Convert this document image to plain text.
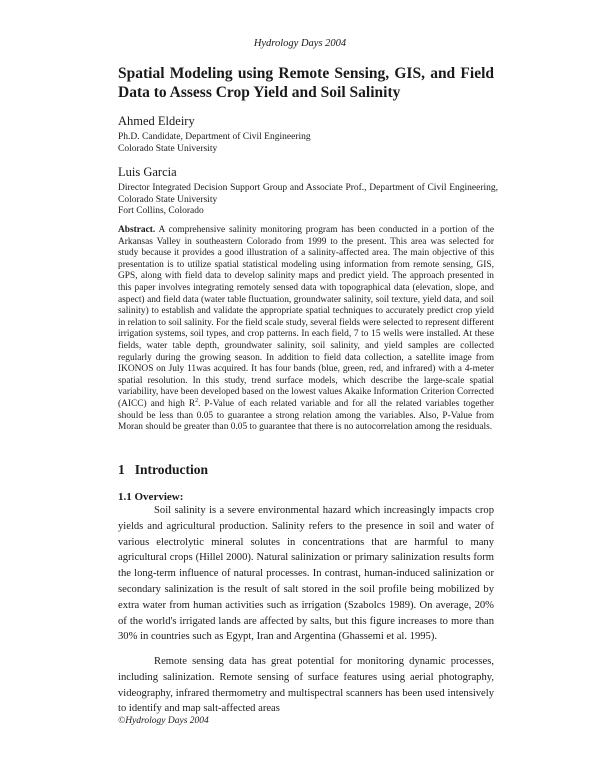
Hydrology Days 2004
Spatial Modeling using Remote Sensing, GIS, and Field Data to Assess Crop Yield and Soil Salinity

Ahmed Eldeiry

Ph.D. Candidate, Department of Civil Engineering

Colorado State University

Luis Garcia

Director Integrated Decision Support Group and Associate Prof., Department of Civil Engineering, Colorado State University

Fort Collins, Colorado

Abstract. A comprehensive salinity monitoring program has been conducted in a portion of the Arkansas Valley in southeastern Colorado from 1999 to the present. This area was selected for study because it provides a good illustration of a salinity-affected area. The main objective of this presentation is to utilize spatial statistical modeling using information from remote sensing, GIS, GPS, along with field data to develop salinity maps and predict yield. The approach presented in this paper involves integrating remotely sensed data with topographical data (elevation, slope, and aspect) and field data (water table fluctuation, groundwater salinity, soil texture, yield data, and soil salinity) to establish and validate the appropriate spatial techniques to accurately predict crop yield in relation to soil salinity. For the field scale study, several fields were selected to represent different irrigation systems, soil types, and crop patterns. In each field, 7 to 15 wells were installed. At these fields, water table depth, groundwater salinity, soil salinity, and yield samples are collected regularly during the growing season. In addition to field data collection, a satellite image from IKONOS on July 11was acquired. It has four bands (blue, green, red, and infrared) with a 4-meter spatial resolution. In this study, trend surface models, which describe the large-scale spatial variability, have been developed based on the lowest values Akaike Information Criterion Corrected (AICC) and high $R^2$. P-Value of each related variable and for all the related variables together should be less than 0.05 to guarantee a strong relation among the variables. Also, P-Value from Moran should be greater than 0.05 to guarantee that there is no autocorrelation among the residuals.

1 Introduction
1.1 Overview:

Soil salinity is a severe environmental hazard which increasingly impacts crop yields and agricultural production. Salinity refers to the presence in soil and water of various electrolytic mineral solutes in concentrations that are harmful to many agricultural crops (Hillel 2000). Natural salinization or primary salinization results form the long-term influence of natural processes. In contrast, human-induced salinization or secondary salinization is the result of salt stored in the soil profile being mobilized by extra water from human activities such as irrigation (Szabolcs 1989). On average, 20% of the world's irrigated lands are affected by salts, but this figure increases to more than 30% in countries such as Egypt, Iran and Argentina (Ghassemi et al. 1995).

Remote sensing data has great potential for monitoring dynamic processes, including salinization. Remote sensing of surface features using aerial photography, videography, infrared thermometry and multispectral scanners has been used intensively to identify and map salt-affected areas

©Hydrology Days 2004
